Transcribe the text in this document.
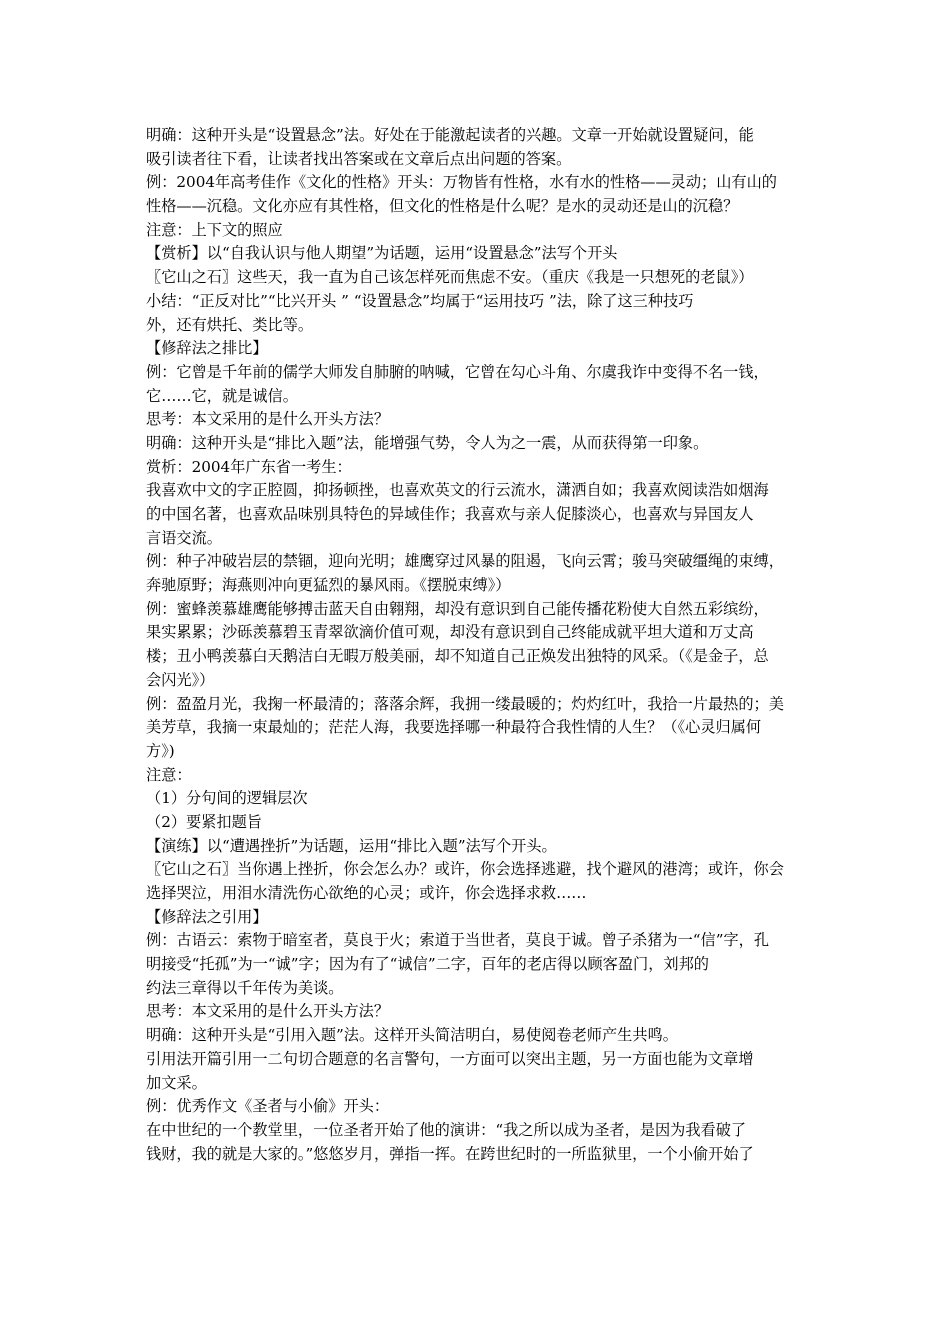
明确：这种开头是“设置悬念”法。好处在于能激起读者的兴趣。文章一开始就设置疑问，能
吸引读者往下看，让读者找出答案或在文章后点出问题的答案。
例：2004年高考佳作《文化的性格》开头：万物皆有性格，水有水的性格——灵动；山有山的
性格——沉稳。文化亦应有其性格，但文化的性格是什么呢？是水的灵动还是山的沉稳？
注意：上下文的照应
【赏析】以“自我认识与他人期望”为话题，运用“设置悬念”法写个开头
〖它山之石〗这些天，我一直为自己该怎样死而焦虑不安。（重庆《我是一只想死的老鼠》）
小结：“正反对比”“比兴开头 ” “设置悬念”均属于“运用技巧 ”法，除了这三种技巧
外，还有烘托、类比等。
【修辞法之排比】
例：它曾是千年前的儒学大师发自肺腑的呐喊，它曾在勾心斗角、尔虞我诈中变得不名一钱，
它……它，就是诚信。
思考：本文采用的是什么开头方法？
明确：这种开头是“排比入题”法，能增强气势，令人为之一震，从而获得第一印象。
赏析：2004年广东省一考生：
我喜欢中文的字正腔圆，抑扬顿挫，也喜欢英文的行云流水，潇洒自如；我喜欢阅读浩如烟海
的中国名著，也喜欢品味别具特色的异域佳作；我喜欢与亲人促膝淡心，也喜欢与异国友人
言语交流。
例：种子冲破岩层的禁锢，迎向光明；雄鹰穿过风暴的阻遏，飞向云霄；骏马突破缰绳的束缚，
奔驰原野；海燕则冲向更猛烈的暴风雨。《摆脱束缚》）
例：蜜蜂羡慕雄鹰能够搏击蓝天自由翱翔，却没有意识到自己能传播花粉使大自然五彩缤纷，
果实累累；沙砾羡慕碧玉青翠欲滴价值可观，却没有意识到自己终能成就平坦大道和万丈高
楼；丑小鸭羡慕白天鹅洁白无暇万般美丽，却不知道自己正焕发出独特的风采。（《是金子，总
会闪光》）
例：盈盈月光，我掬一杯最清的；落落余辉，我拥一缕最暖的；灼灼红叶，我拾一片最热的；美
美芳草，我摘一束最灿的；茫茫人海，我要选择哪一种最符合我性情的人生？（《心灵归属何
方》)
注意：
（1）分句间的逻辑层次
（2）要紧扣题旨
【演练】以“遭遇挫折”为话题，运用“排比入题”法写个开头。
〖它山之石〗当你遇上挫折，你会怎么办？或许，你会选择逃避，找个避风的港湾；或许，你会
选择哭泣，用泪水清洗伤心欲绝的心灵；或许，你会选择求救……
【修辞法之引用】
例：古语云：索物于暗室者，莫良于火；索道于当世者，莫良于诚。曾子杀猪为一“信”字，孔
明接受“托孤”为一“诚”字；因为有了“诚信”二字，百年的老店得以顾客盈门，刘邦的
约法三章得以千年传为美谈。
思考：本文采用的是什么开头方法？
明确：这种开头是“引用入题”法。这样开头简洁明白，易使阅卷老师产生共鸣。
引用法开篇引用一二句切合题意的名言警句，一方面可以突出主题，另一方面也能为文章增
加文采。
例：优秀作文《圣者与小偷》开头：
在中世纪的一个教堂里，一位圣者开始了他的演讲：“我之所以成为圣者，是因为我看破了
钱财，我的就是大家的。”悠悠岁月，弹指一挥。在跨世纪时的一所监狱里，一个小偷开始了
